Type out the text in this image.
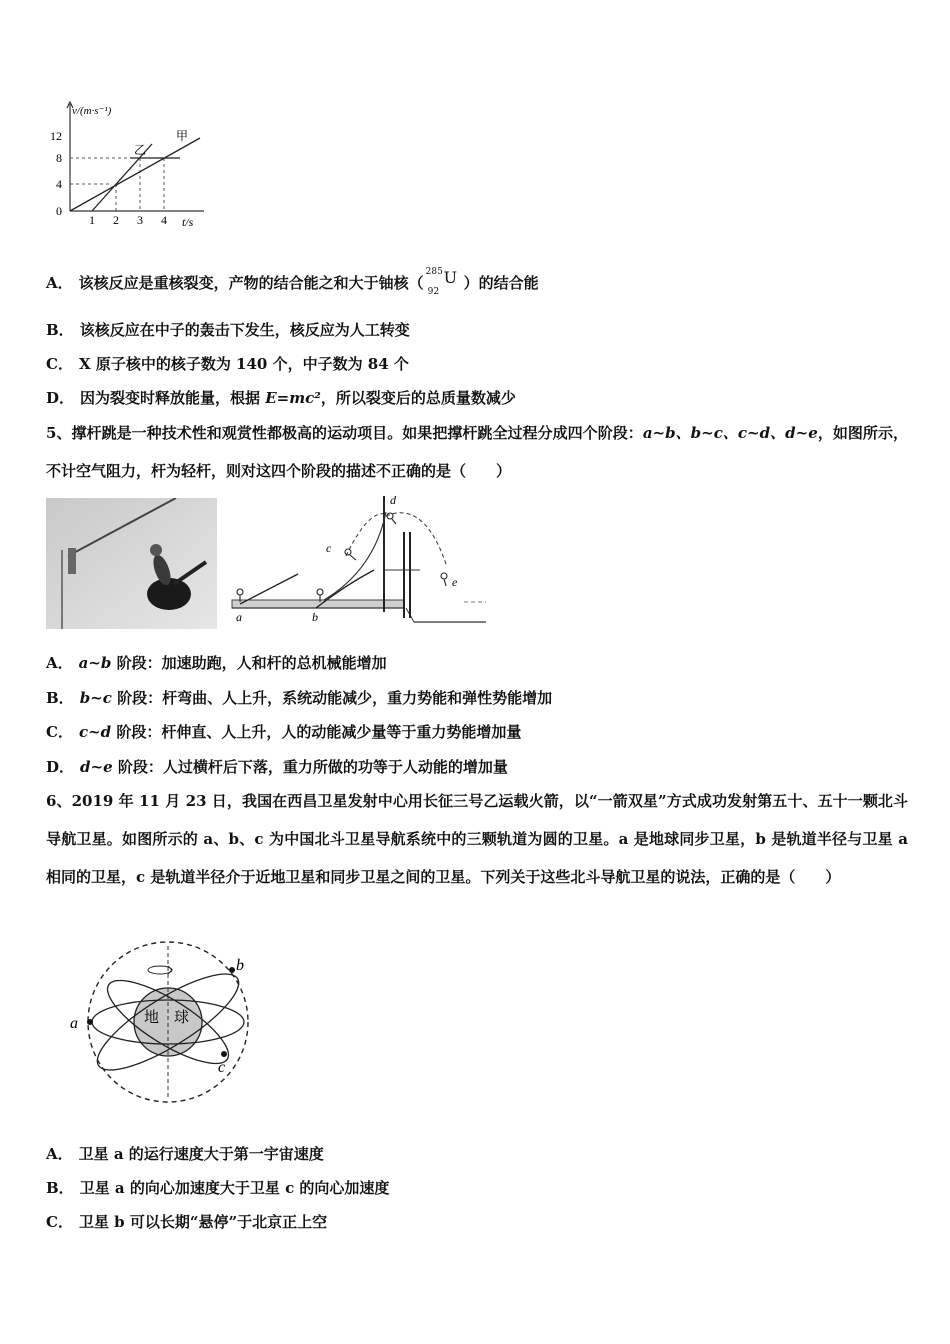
v/(m·s⁻¹)
t/s
12
8
4
0
1 2 3 4
甲
乙
A． 该核反应是重核裂变，产物的结合能之和大于铀核（
285
92
U ）的结合能
B． 该核反应在中子的轰击下发生，核反应为人工转变
C． X 原子核中的核子数为 140 个，中子数为 84 个
D． 因为裂变时释放能量，根据 E=mc²，所以裂变后的总质量数减少
5、撑杆跳是一种技术性和观赏性都极高的运动项目。如果把撑杆跳全过程分成四个阶段：a~b、b~c、c~d、d~e，如图所示，不计空气阻力，杆为轻杆，则对这四个阶段的描述不正确的是（　　）
a	b
c
d
e
A． a~b 阶段：加速助跑，人和杆的总机械能增加
B． b~c 阶段：杆弯曲、人上升，系统动能减少，重力势能和弹性势能增加
C． c~d 阶段：杆伸直、人上升，人的动能减少量等于重力势能增加量
D． d~e 阶段：人过横杆后下落，重力所做的功等于人动能的增加量
6、2019 年 11 月 23 日，我国在西昌卫星发射中心用长征三号乙运载火箭，以“一箭双星”方式成功发射第五十、五十一颗北斗导航卫星。如图所示的 a、b、c 为中国北斗卫星导航系统中的三颗轨道为圆的卫星。a 是地球同步卫星，b 是轨道半径与卫星 a 相同的卫星，c 是轨道半径介于近地卫星和同步卫星之间的卫星。下列关于这些北斗导航卫星的说法，正确的是（　　）
地 球
a
b
c
A． 卫星 a 的运行速度大于第一宇宙速度
B． 卫星 a 的向心加速度大于卫星 c 的向心加速度
C． 卫星 b 可以长期“悬停”于北京正上空
